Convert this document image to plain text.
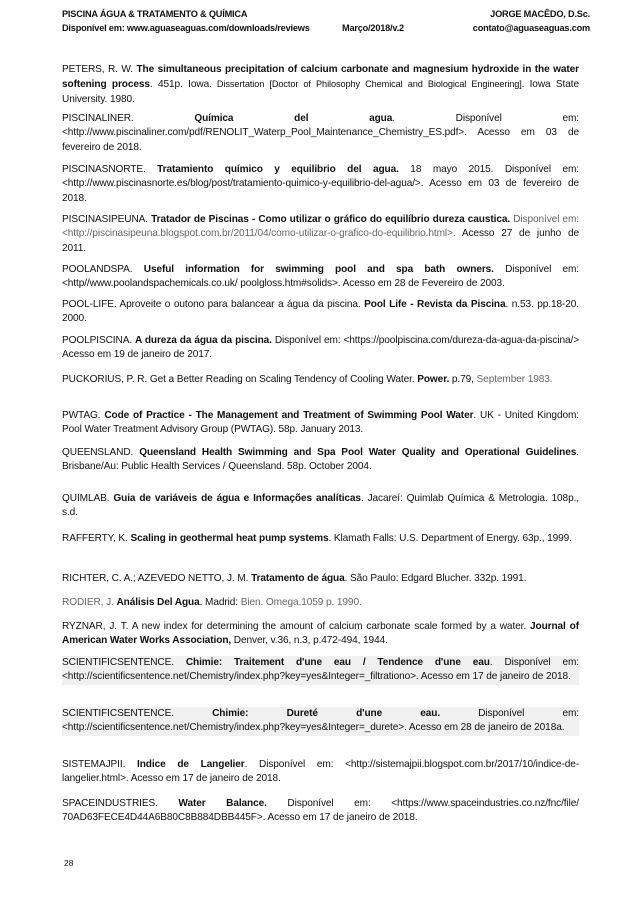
PISCINA ÁGUA & TRATAMENTO & QUÍMICA	JORGE MACÊDO, D.Sc.
Disponível em: www.aguaseaguas.com/downloads/reviews	Março/2018/v.2	contato@aguaseaguas.com
PETERS, R. W. The simultaneous precipitation of calcium carbonate and magnesium hydroxide in the water softening process. 451p. Iowa. Dissertation [Doctor of Philosophy Chemical and Biological Engineering]. Iowa State University. 1980.
PISCINALINER.	Química del agua. Disponível em: <http://www.piscinaliner.com/pdf/RENOLIT_Waterp_Pool_Maintenance_Chemistry_ES.pdf>. Acesso em 03 de fevereiro de 2018.
PISCINASNORTE. Tratamiento químico y equilibrio del agua. 18 mayo 2015. Disponível em: <http://www.piscinasnorte.es/blog/post/tratamiento-quimico-y-equilibrio-del-agua/>. Acesso em 03 de fevereiro de 2018.
PISCINASIPEUNA. Tratador de Piscinas - Como utilizar o gráfico do equilíbrio dureza caustica. Disponível em: <http://piscinasipeuna.blogspot.com.br/2011/04/como-utilizar-o-grafico-do-equilibrio.html>. Acesso 27 de junho de 2011.
POOLANDSPA. Useful information for swimming pool and spa bath owners. Disponível em: <http//www.poolandspachemicals.co.uk/ poolgloss.htm#solids>. Acesso em 28 de Fevereiro de 2003.
POOL-LIFE. Aproveite o outono para balancear a água da piscina. Pool Life - Revista da Piscina. n.53. pp.18-20. 2000.
POOLPISCINA. A dureza da água da piscina. Disponível em: <https://poolpiscina.com/dureza-da-agua-da-piscina/> Acesso em 19 de janeiro de 2017.
PUCKORIUS, P. R. Get a Better Reading on Scaling Tendency of Cooling Water. Power. p.79, September 1983.
PWTAG. Code of Practice - The Management and Treatment of Swimming Pool Water. UK - United Kingdom: Pool Water Treatment Advisory Group (PWTAG). 58p. January 2013.
QUEENSLAND. Queensland Health Swimming and Spa Pool Water Quality and Operational Guidelines. Brisbane/Au: Public Health Services / Queensland. 58p. October 2004.
QUIMLAB. Guia de variáveis de água e Informações analíticas. Jacareí: Quimlab Química & Metrologia. 108p., s.d.
RAFFERTY, K. Scaling in geothermal heat pump systems. Klamath Falls: U.S. Department of Energy. 63p., 1999.
RICHTER, C. A.; AZEVEDO NETTO, J. M. Tratamento de água. São Paulo: Edgard Blucher. 332p. 1991.
RODIER, J. Análisis Del Agua. Madrid: Bien. Omega.1059 p. 1990.
RYZNAR, J. T. A new index for determining the amount of calcium carbonate scale formed by a water. Journal of American Water Works Association, Denver, v.36, n.3, p.472-494, 1944.
SCIENTIFICSENTENCE. Chimie: Traitement d'une eau / Tendence d'une eau. Disponível em: <http://scientificsentence.net/Chemistry/index.php?key=yes&Integer=_filtrationo>. Acesso em 17 de janeiro de 2018.
SCIENTIFICSENTENCE.	Chimie: Dureté d'une eau. Disponível em: <http://scientificsentence.net/Chemistry/index.php?key=yes&Integer=_durete>. Acesso em 28 de janeiro de 2018a.
SISTEMAJPII. Indice de Langelier. Disponível em: <http://sistemajpii.blogspot.com.br/2017/10/indice-de-langelier.html>. Acesso em 17 de janeiro de 2018.
SPACEINDUSTRIES. Water Balance. Disponível em: <https://www.spaceindustries.co.nz/fnc/file/ 70AD63FECE4D44A6B80C8B884DBB445F>. Acesso em 17 de janeiro de 2018.
28
